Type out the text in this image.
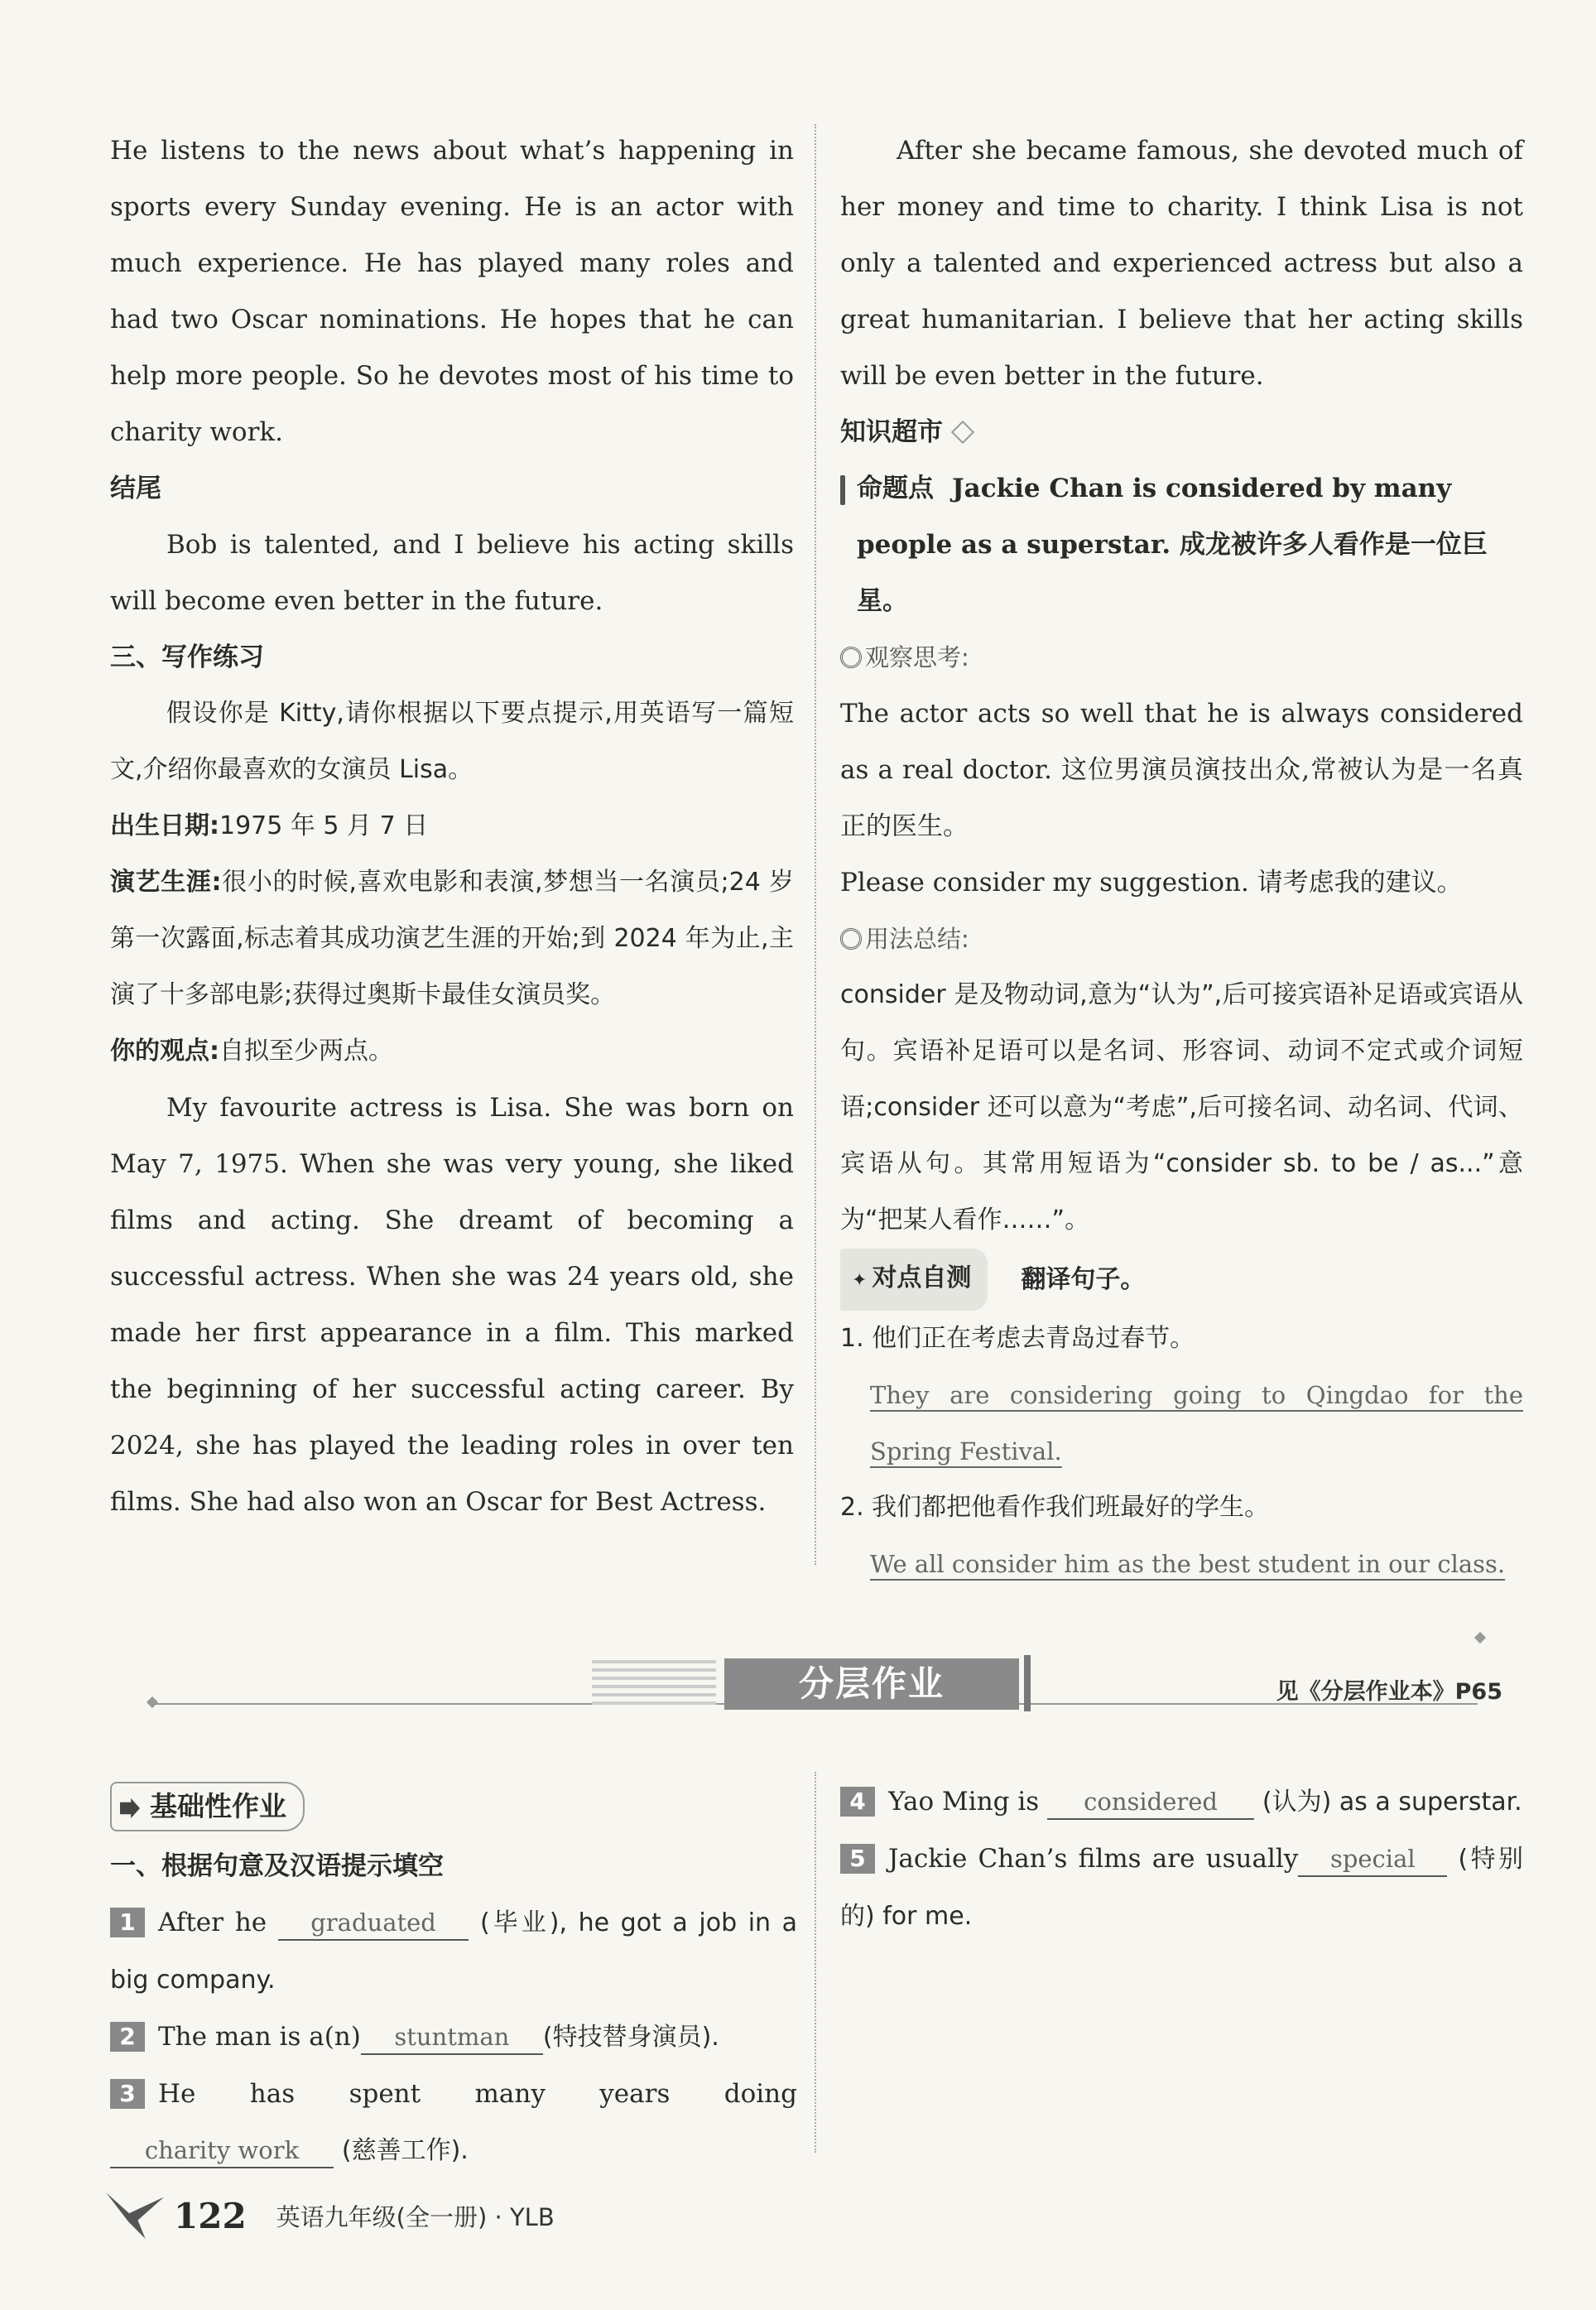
He listens to the news about what’s happening in sports every Sunday evening. He is an actor with much experience. He has played many roles and had two Oscar nominations. He hopes that he can help more people. So he devotes most of his time to charity work.

结尾

Bob is talented, and I believe his acting skills will become even better in the future.

三、写作练习

假设你是 Kitty,请你根据以下要点提示,用英语写一篇短文,介绍你最喜欢的女演员 Lisa。

出生日期:1975 年 5 月 7 日

演艺生涯:很小的时候,喜欢电影和表演,梦想当一名演员;24 岁第一次露面,标志着其成功演艺生涯的开始;到 2024 年为止,主演了十多部电影;获得过奥斯卡最佳女演员奖。

你的观点:自拟至少两点。

My favourite actress is Lisa. She was born on May 7, 1975. When she was very young, she liked films and acting. She dreamt of becoming a successful actress. When she was 24 years old, she made her first appearance in a film. This marked the beginning of her successful acting career. By 2024, she has played the leading roles in over ten films. She had also won an Oscar for Best Actress.

After she became famous, she devoted much of her money and time to charity. I think Lisa is not only a talented and experienced actress but also a great humanitarian. I believe that her acting skills will be even better in the future.

知识超市

命题点 Jackie Chan is considered by many people as a superstar. 成龙被许多人看作是一位巨星。

观察思考:

The actor acts so well that he is always considered as a real doctor. 这位男演员演技出众,常被认为是一名真正的医生。

Please consider my suggestion. 请考虑我的建议。

用法总结:

consider 是及物动词,意为“认为”,后可接宾语补足语或宾语从句。宾语补足语可以是名词、形容词、动词不定式或介词短语;consider 还可以意为“考虑”,后可接名词、动名词、代词、宾语从句。其常用短语为“consider sb. to be / as...”意为“把某人看作……”。

✦ 对点自测	翻译句子。

1. 他们正在考虑去青岛过春节。

They are considering going to Qingdao for the Spring Festival.

2. 我们都把他看作我们班最好的学生。

We all consider him as the best student in our class.

分层作业	见《分层作业本》P65
基础性作业

一、根据句意及汉语提示填空

1 After he graduated (毕业), he got a job in a big company.

2 The man is a(n) stuntman (特技替身演员).

3 He has spent many years doing charity work (慈善工作).

4 Yao Ming is considered (认为) as a superstar.

5 Jackie Chan’s films are usually special (特别的) for me.

122 英语九年级(全一册) · YLB
